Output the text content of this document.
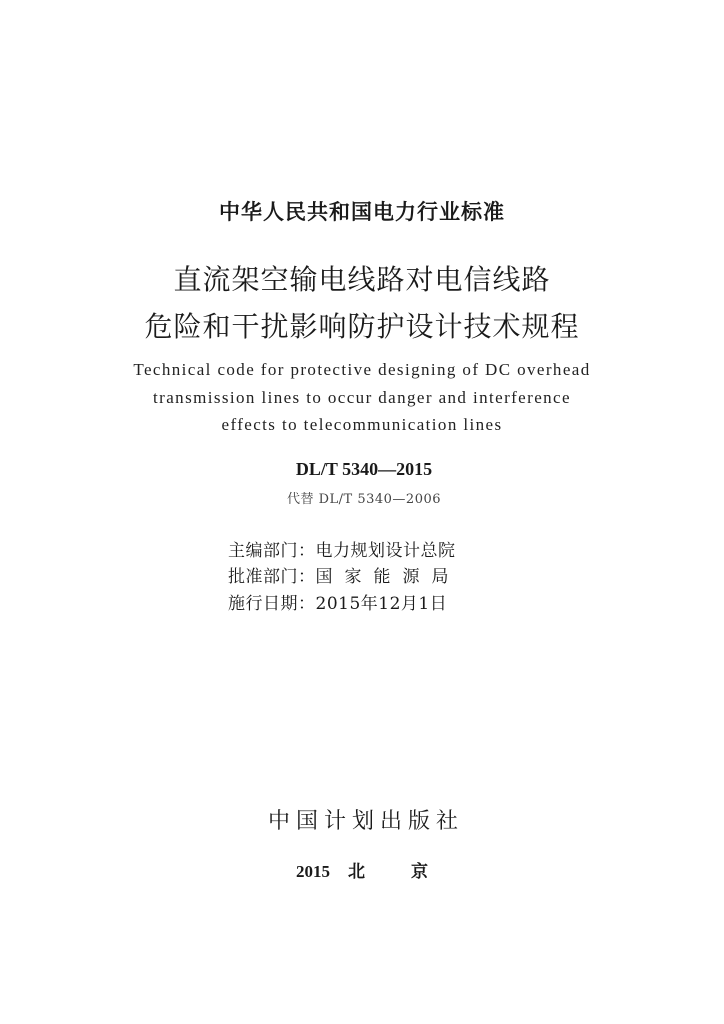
中华人民共和国电力行业标准
直流架空输电线路对电信线路
危险和干扰影响防护设计技术规程
Technical code for protective designing of DC overhead
transmission lines to occur danger and interference
effects to telecommunication lines
DL/T 5340—2015
代替 DL/T 5340—2006
主编部门：电力规划设计总院
批准部门：国家能源局
施行日期：2015年12月1日
中国计划出版社
2015 北	京
